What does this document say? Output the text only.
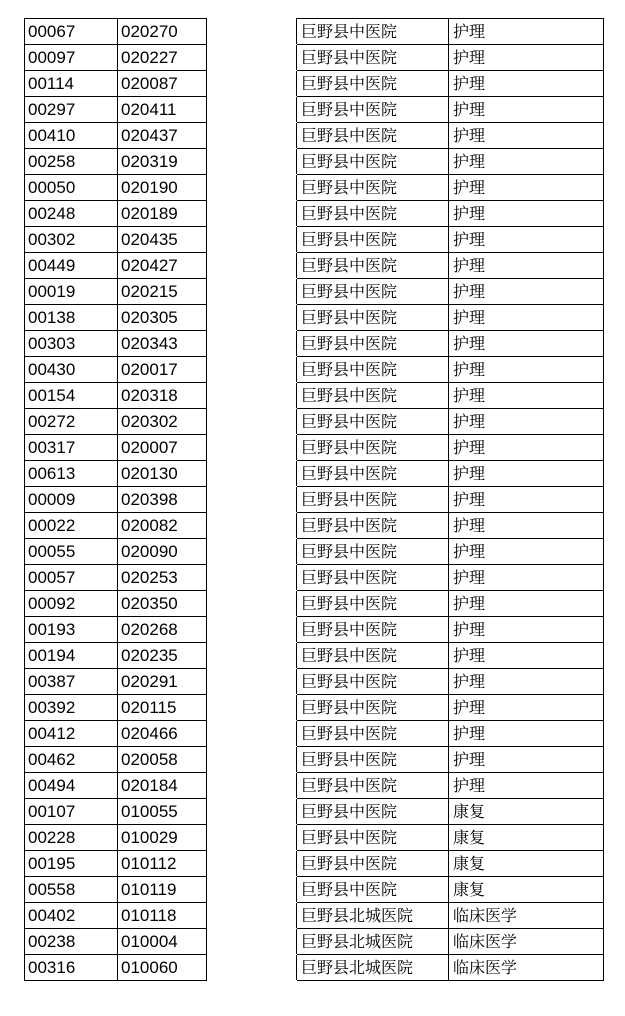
00067	020270		巨野县中医院	护理
00097	020227		巨野县中医院	护理
00114	020087		巨野县中医院	护理
00297	020411		巨野县中医院	护理
00410	020437		巨野县中医院	护理
00258	020319		巨野县中医院	护理
00050	020190		巨野县中医院	护理
00248	020189		巨野县中医院	护理
00302	020435		巨野县中医院	护理
00449	020427		巨野县中医院	护理
00019	020215		巨野县中医院	护理
00138	020305		巨野县中医院	护理
00303	020343		巨野县中医院	护理
00430	020017		巨野县中医院	护理
00154	020318		巨野县中医院	护理
00272	020302		巨野县中医院	护理
00317	020007		巨野县中医院	护理
00613	020130		巨野县中医院	护理
00009	020398		巨野县中医院	护理
00022	020082		巨野县中医院	护理
00055	020090		巨野县中医院	护理
00057	020253		巨野县中医院	护理
00092	020350		巨野县中医院	护理
00193	020268		巨野县中医院	护理
00194	020235		巨野县中医院	护理
00387	020291		巨野县中医院	护理
00392	020115		巨野县中医院	护理
00412	020466		巨野县中医院	护理
00462	020058		巨野县中医院	护理
00494	020184		巨野县中医院	护理
00107	010055		巨野县中医院	康复
00228	010029		巨野县中医院	康复
00195	010112		巨野县中医院	康复
00558	010119		巨野县中医院	康复
00402	010118		巨野县北城医院	临床医学
00238	010004		巨野县北城医院	临床医学
00316	010060		巨野县北城医院	临床医学
